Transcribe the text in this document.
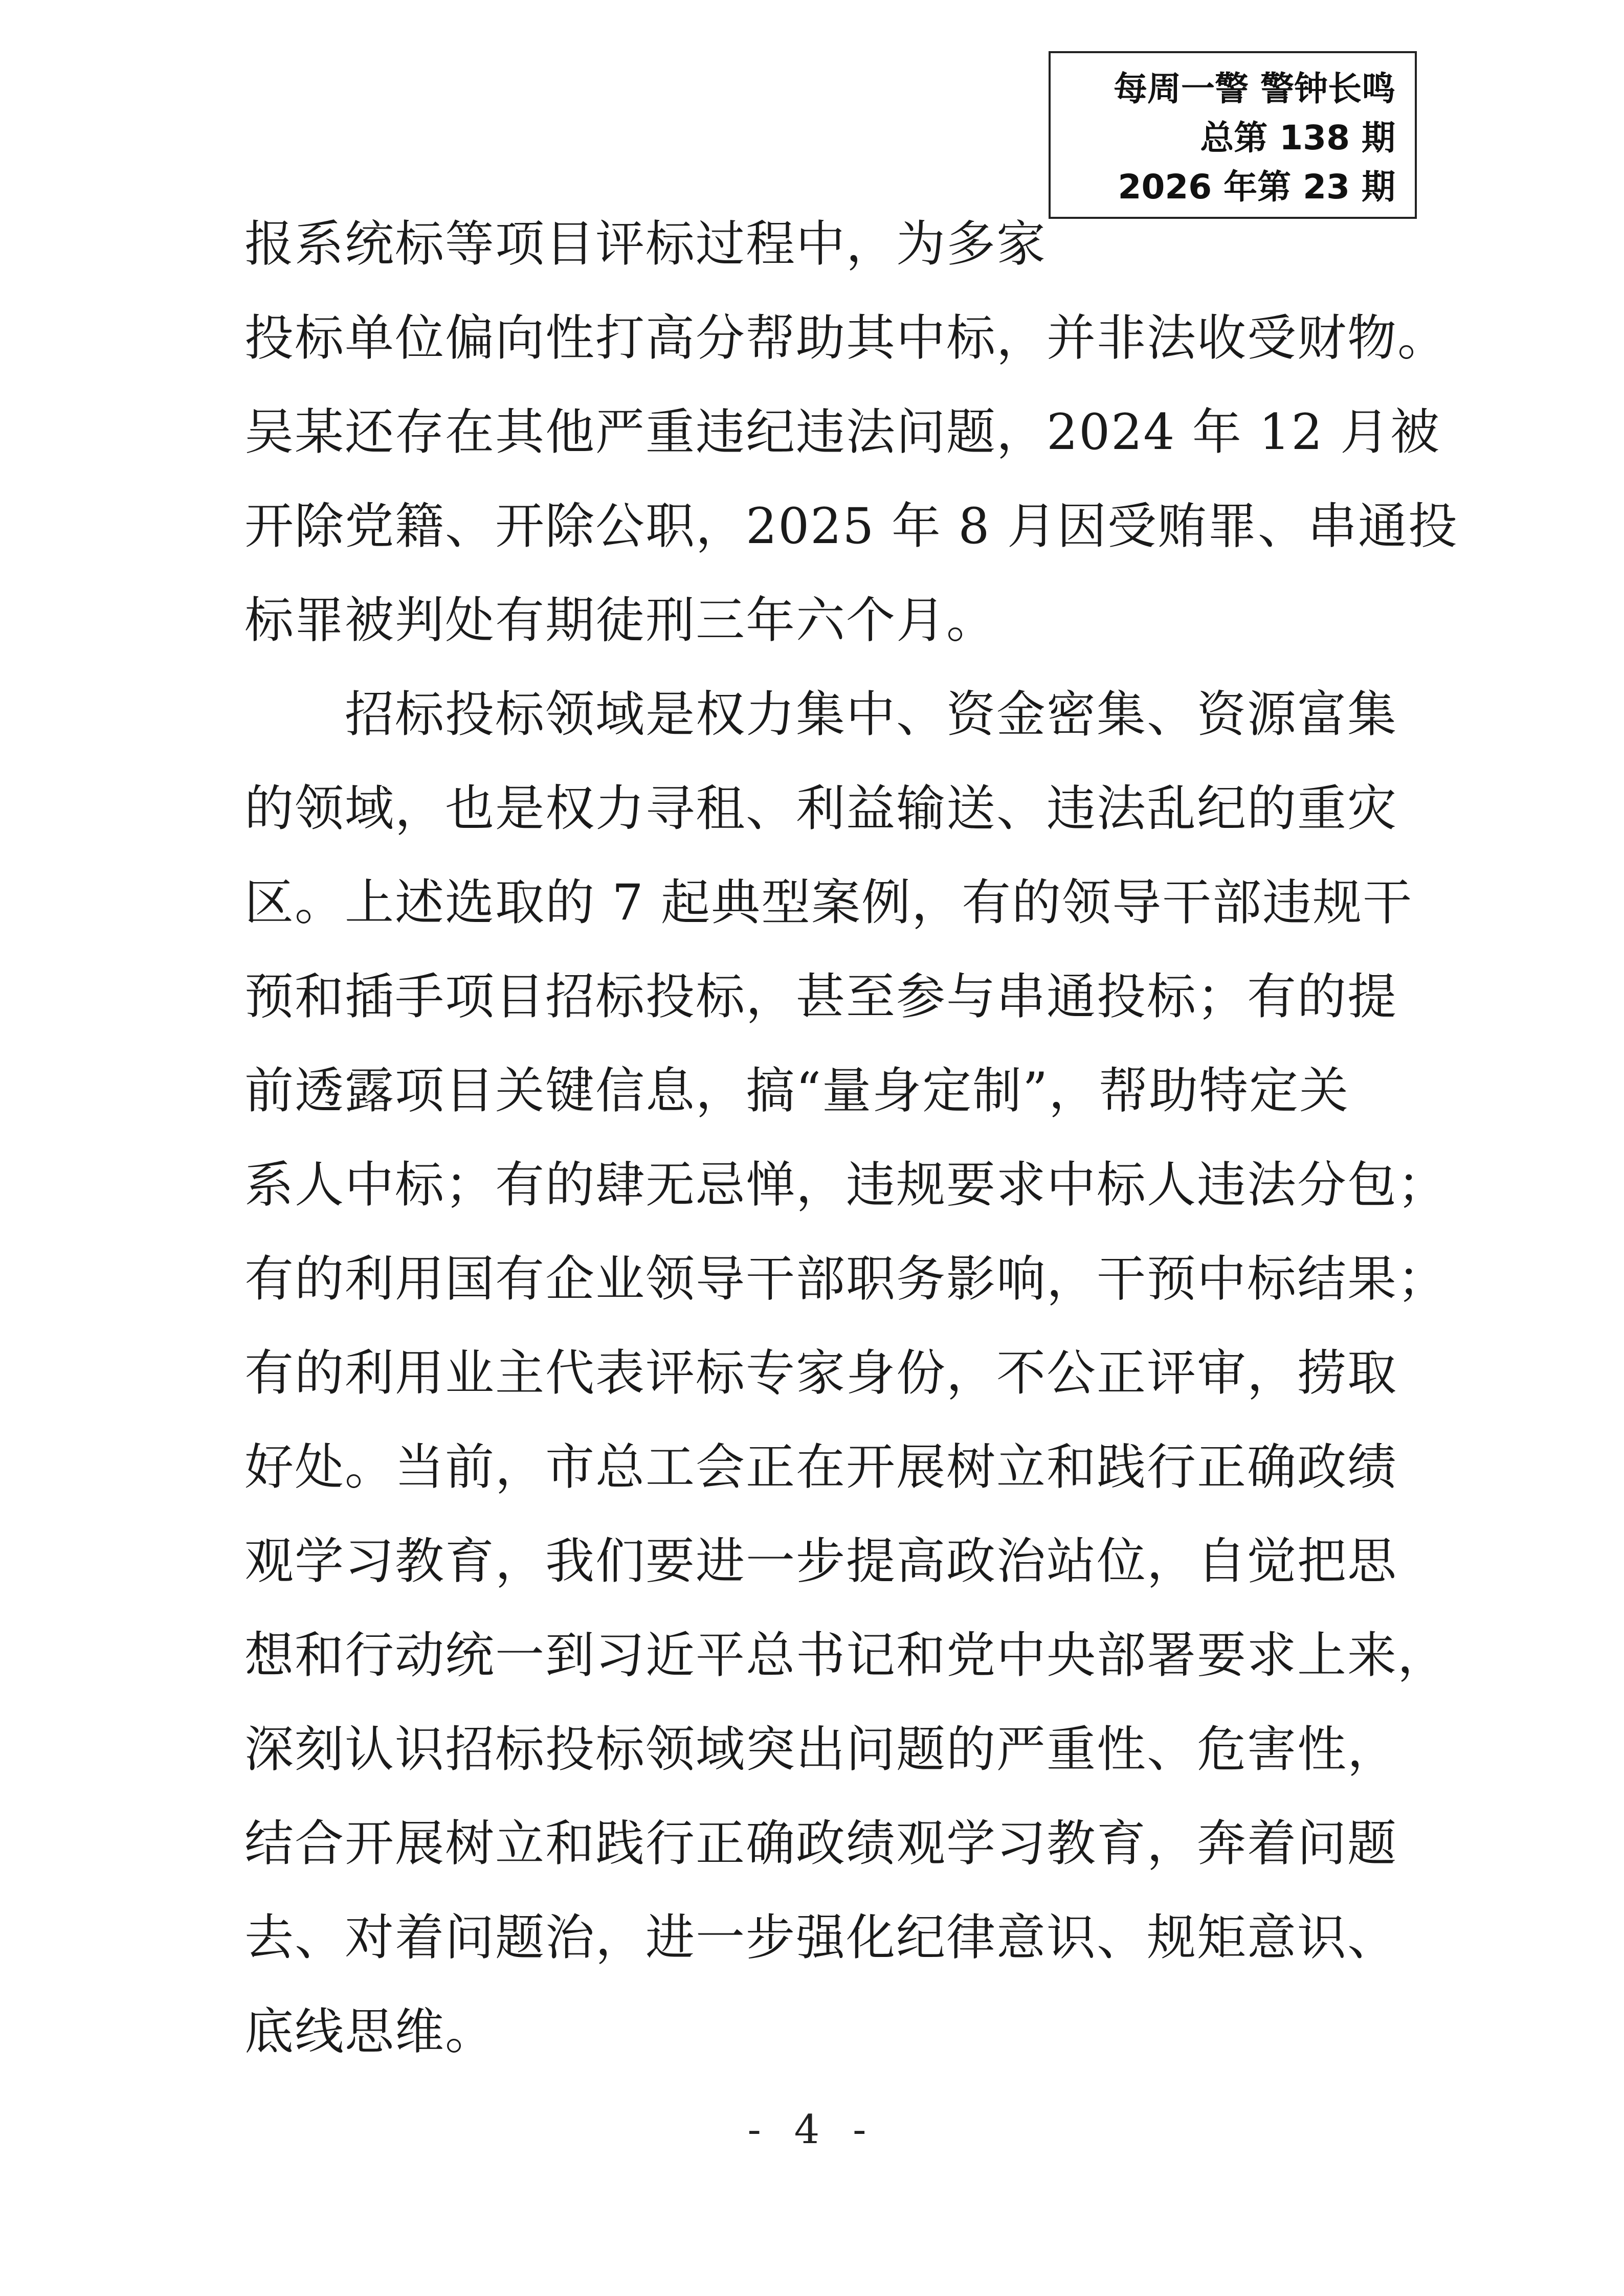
每周一警 警钟长鸣
总第 138 期
2026 年第 23 期
报系统标等项目评标过程中，为多家
投标单位偏向性打高分帮助其中标，并非法收受财物。
吴某还存在其他严重违纪违法问题，2024 年 12 月被
开除党籍、开除公职，2025 年 8 月因受贿罪、串通投
标罪被判处有期徒刑三年六个月。
　　招标投标领域是权力集中、资金密集、资源富集
的领域，也是权力寻租、利益输送、违法乱纪的重灾
区。上述选取的 7 起典型案例，有的领导干部违规干
预和插手项目招标投标，甚至参与串通投标；有的提
前透露项目关键信息，搞“量身定制”，帮助特定关
系人中标；有的肆无忌惮，违规要求中标人违法分包；
有的利用国有企业领导干部职务影响，干预中标结果；
有的利用业主代表评标专家身份，不公正评审，捞取
好处。当前，市总工会正在开展树立和践行正确政绩
观学习教育，我们要进一步提高政治站位，自觉把思
想和行动统一到习近平总书记和党中央部署要求上来，
深刻认识招标投标领域突出问题的严重性、危害性，
结合开展树立和践行正确政绩观学习教育，奔着问题
去、对着问题治，进一步强化纪律意识、规矩意识、
底线思维。
- 4 -
